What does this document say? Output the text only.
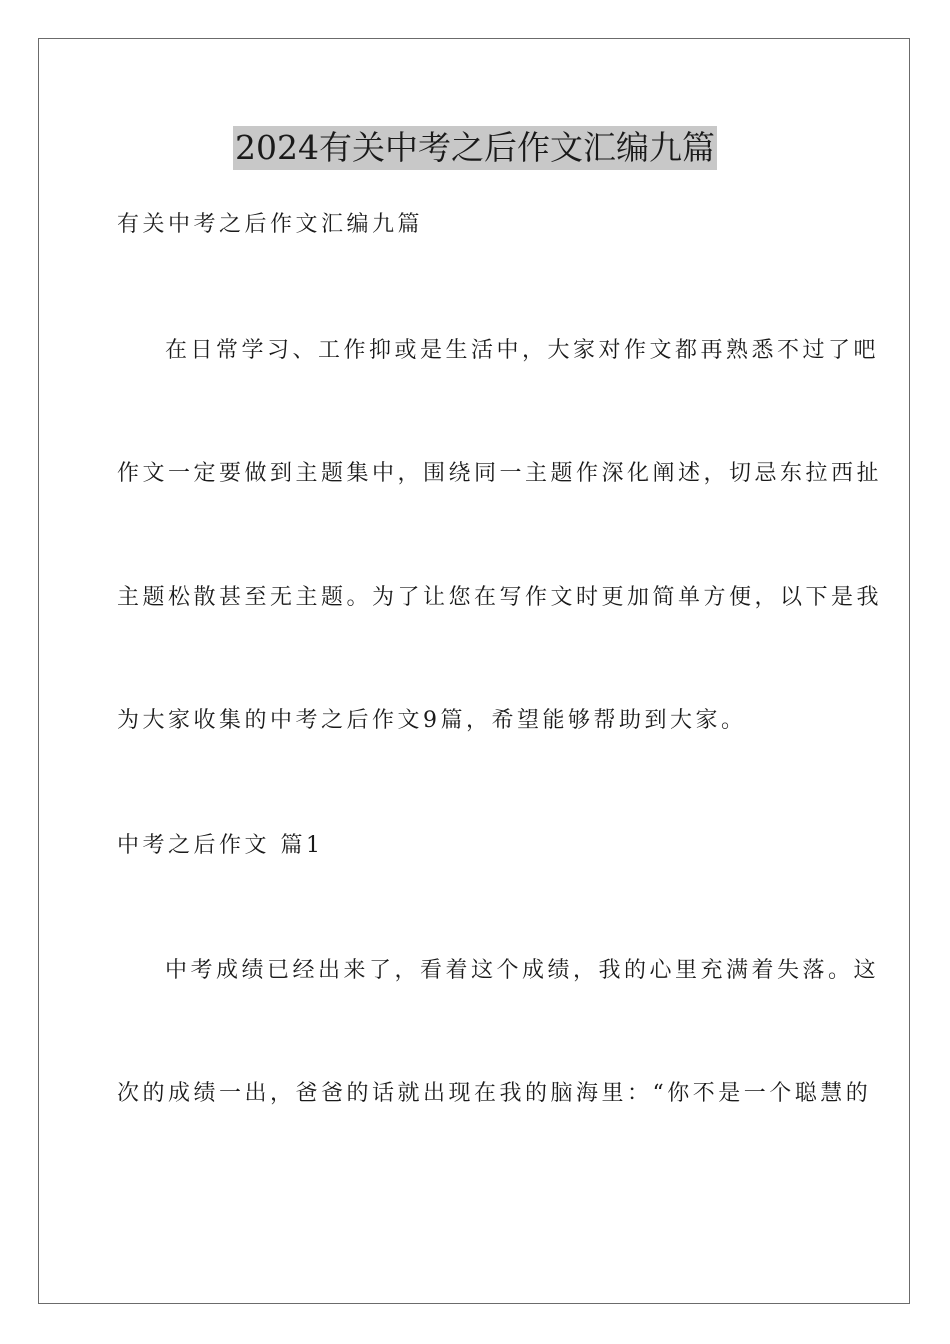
2024有关中考之后作文汇编九篇
有关中考之后作文汇编九篇
在日常学习、工作抑或是生活中，大家对作文都再熟悉不过了吧
作文一定要做到主题集中，围绕同一主题作深化阐述，切忌东拉西扯
主题松散甚至无主题。为了让您在写作文时更加简单方便，以下是我
为大家收集的中考之后作文9篇，希望能够帮助到大家。
中考之后作文 篇1
中考成绩已经出来了，看着这个成绩，我的心里充满着失落。这
次的成绩一出，爸爸的话就出现在我的脑海里：“你不是一个聪慧的
